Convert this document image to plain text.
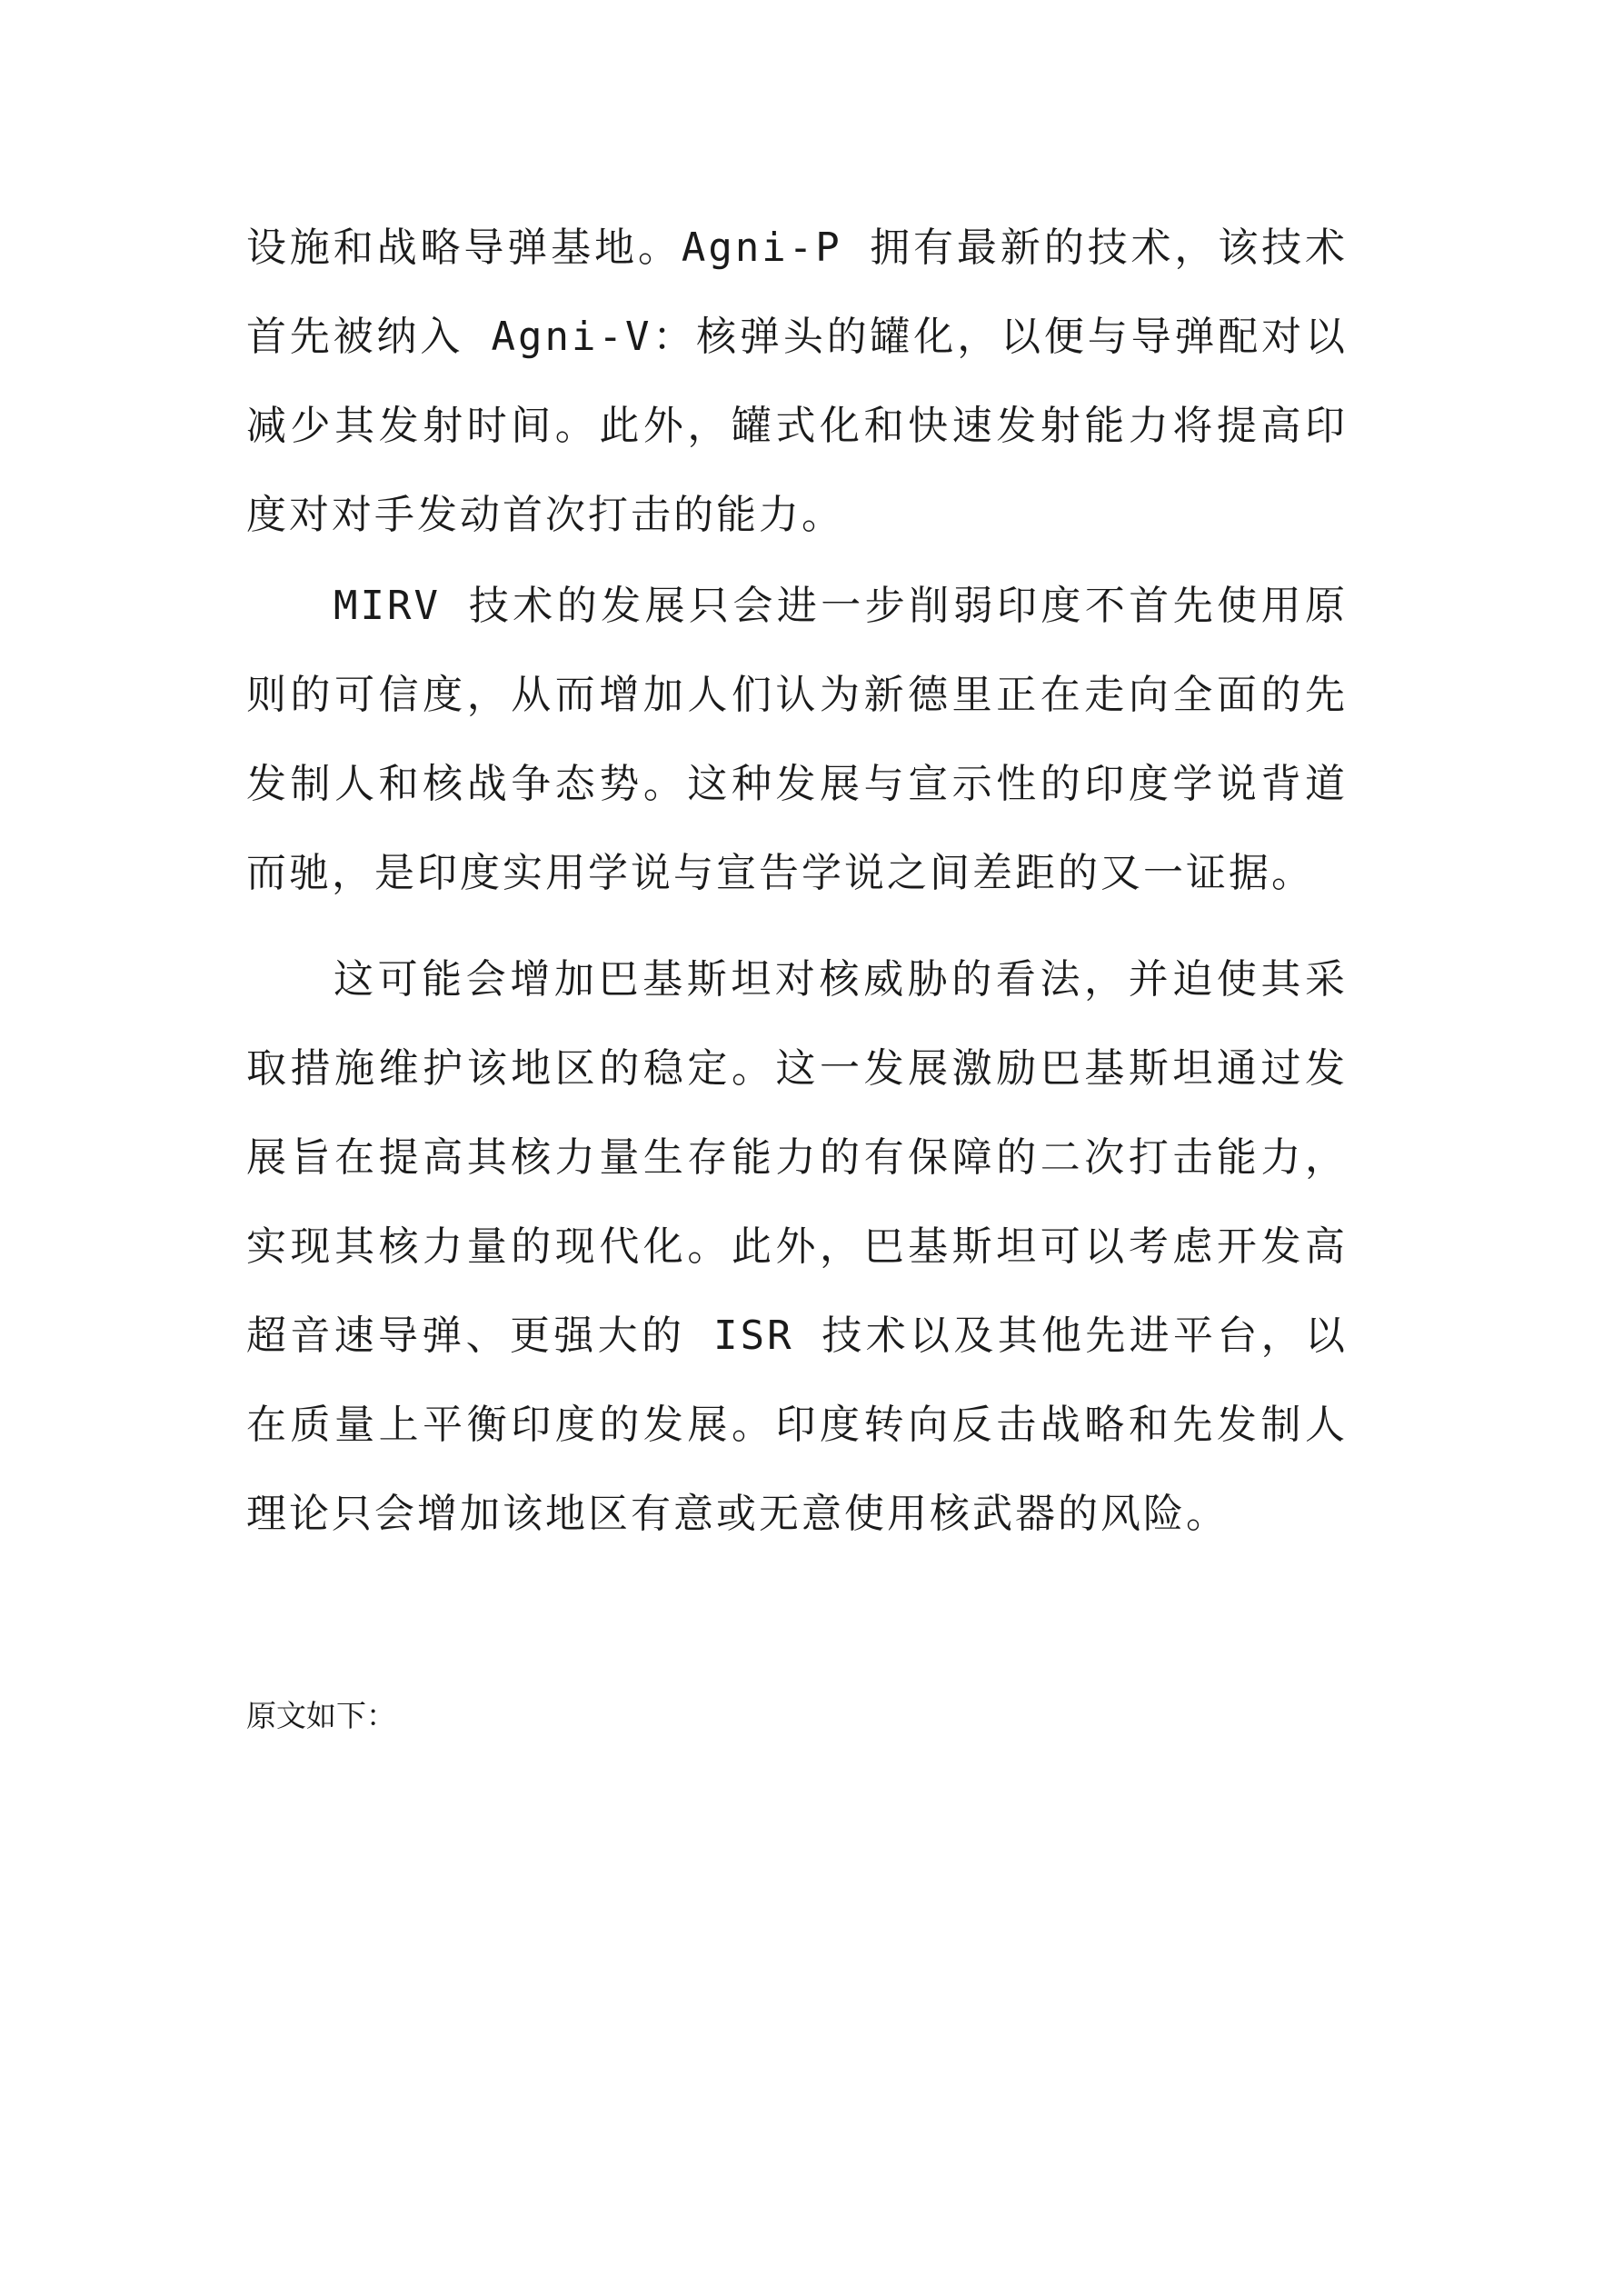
设施和战略导弹基地。Agni-P 拥有最新的技术，该技术首先被纳入 Agni-V：核弹头的罐化，以便与导弹配对以减少其发射时间。此外，罐式化和快速发射能力将提高印度对对手发动首次打击的能力。

MIRV 技术的发展只会进一步削弱印度不首先使用原则的可信度，从而增加人们认为新德里正在走向全面的先发制人和核战争态势。这种发展与宣示性的印度学说背道而驰，是印度实用学说与宣告学说之间差距的又一证据。

这可能会增加巴基斯坦对核威胁的看法，并迫使其采取措施维护该地区的稳定。这一发展激励巴基斯坦通过发展旨在提高其核力量生存能力的有保障的二次打击能力，实现其核力量的现代化。此外，巴基斯坦可以考虑开发高超音速导弹、更强大的 ISR 技术以及其他先进平台，以在质量上平衡印度的发展。印度转向反击战略和先发制人理论只会增加该地区有意或无意使用核武器的风险。

原文如下：
